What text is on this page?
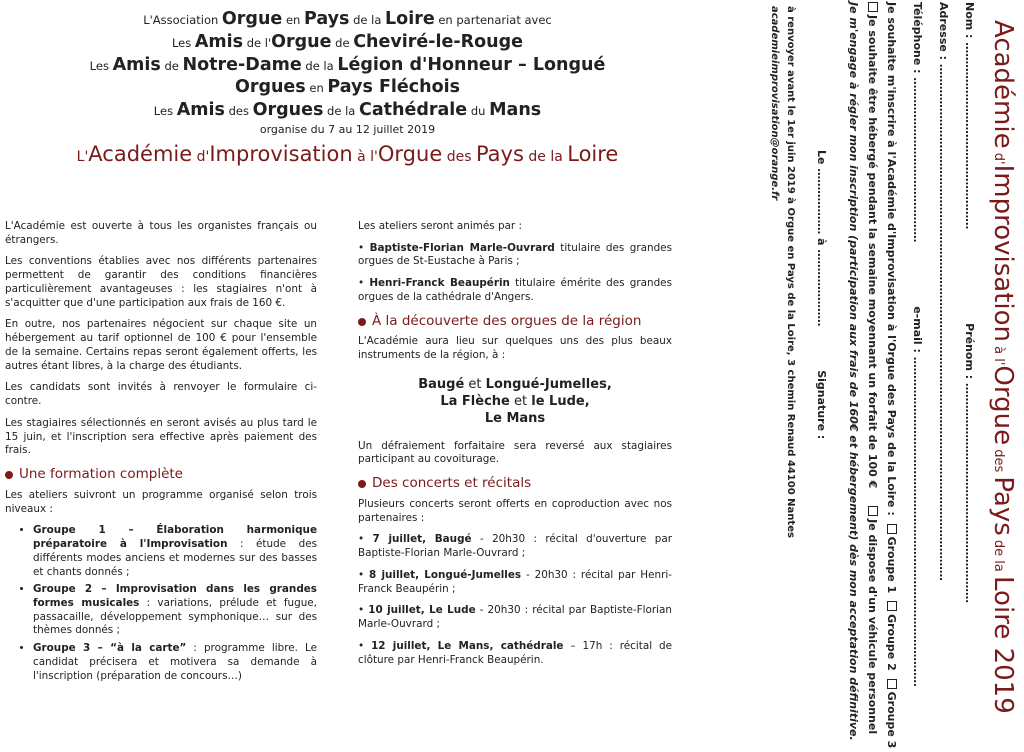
L'Association Orgue en Pays de la Loire en partenariat avec

Les Amis de l'Orgue de Cheviré-le-Rouge

Les Amis de Notre-Dame de la Légion d'Honneur – Longué

Orgues en Pays Fléchois

Les Amis des Orgues de la Cathédrale du Mans

organise du 7 au 12 juillet 2019
L'Académie d'Improvisation à l'Orgue des Pays de la Loire

L'Académie est ouverte à tous les organistes français ou étrangers.

Les conventions établies avec nos différents partenaires permettent de garantir des conditions financières particulièrement avantageuses : les stagiaires n'ont à s'acquitter que d'une participation aux frais de 160 €.

En outre, nos partenaires négocient sur chaque site un hébergement au tarif optionnel de 100 € pour l'ensemble de la semaine. Certains repas seront également offerts, les autres étant libres, à la charge des étudiants.

Les candidats sont invités à renvoyer le formulaire ci-contre.

Les stagiaires sélectionnés en seront avisés au plus tard le 15 juin, et l'inscription sera effective après paiement des frais.

Une formation complète

Les ateliers suivront un programme organisé selon trois niveaux :

• Groupe 1 – Élaboration harmonique préparatoire à l'Improvisation : étude des différents modes anciens et modernes sur des basses et chants donnés ;
• Groupe 2 – Improvisation dans les grandes formes musicales : variations, prélude et fugue, passacaille, développement symphonique… sur des thèmes donnés ;
• Groupe 3 – “à la carte” : programme libre. Le candidat précisera et motivera sa demande à l'inscription (préparation de concours…)

Les ateliers seront animés par :

• Baptiste-Florian Marle-Ouvrard titulaire des grandes orgues de St-Eustache à Paris ;

• Henri-Franck Beaupérin titulaire émérite des grandes orgues de la cathédrale d'Angers.

À la découverte des orgues de la région

L'Académie aura lieu sur quelques uns des plus beaux instruments de la région, à :

Baugé et Longué-Jumelles,
La Flèche et le Lude,
Le Mans

Un défraiement forfaitaire sera reversé aux stagiaires participant au covoiturage.

Des concerts et récitals

Plusieurs concerts seront offerts en coproduction avec nos partenaires :

• 7 juillet, Baugé - 20h30 : récital d'ouverture par Baptiste-Florian Marle-Ouvrard ;

• 8 juillet, Longué-Jumelles - 20h30 : récital par Henri-Franck Beaupérin ;

• 10 juillet, Le Lude - 20h30 : récital par Baptiste-Florian Marle-Ouvrard ;

• 12 juillet, Le Mans, cathédrale – 17h : récital de clôture par Henri-Franck Beaupérin.

Académie d'Improvisation à l'Orgue des Pays de la Loire 2019
Nom : …………………………………………… Prénom : ……………………………………………………
Adresse : ……………………………………………………………………………………………………………………………
Téléphone : ……………………………………… e-mail : ………………………………………………………………………………
Je souhaite m'inscrire à l'Académie d'Improvisation à l'Orgue des Pays de la Loire : Groupe 1 Groupe 2 Groupe 3
Je souhaite être hébergé pendant la semaine moyennant un forfait de 100 € Je dispose d'un véhicule personnel
Je m'engage à régler mon inscription (participation aux frais de 160€ et hébergement) dès mon acceptation définitive.
Le ……………… à ………………… Signature :
à renvoyer avant le 1er juin 2019 à Orgue en Pays de la Loire, 3 chemin Renaud 44100 Nantes
academieimprovisation@orange.fr
